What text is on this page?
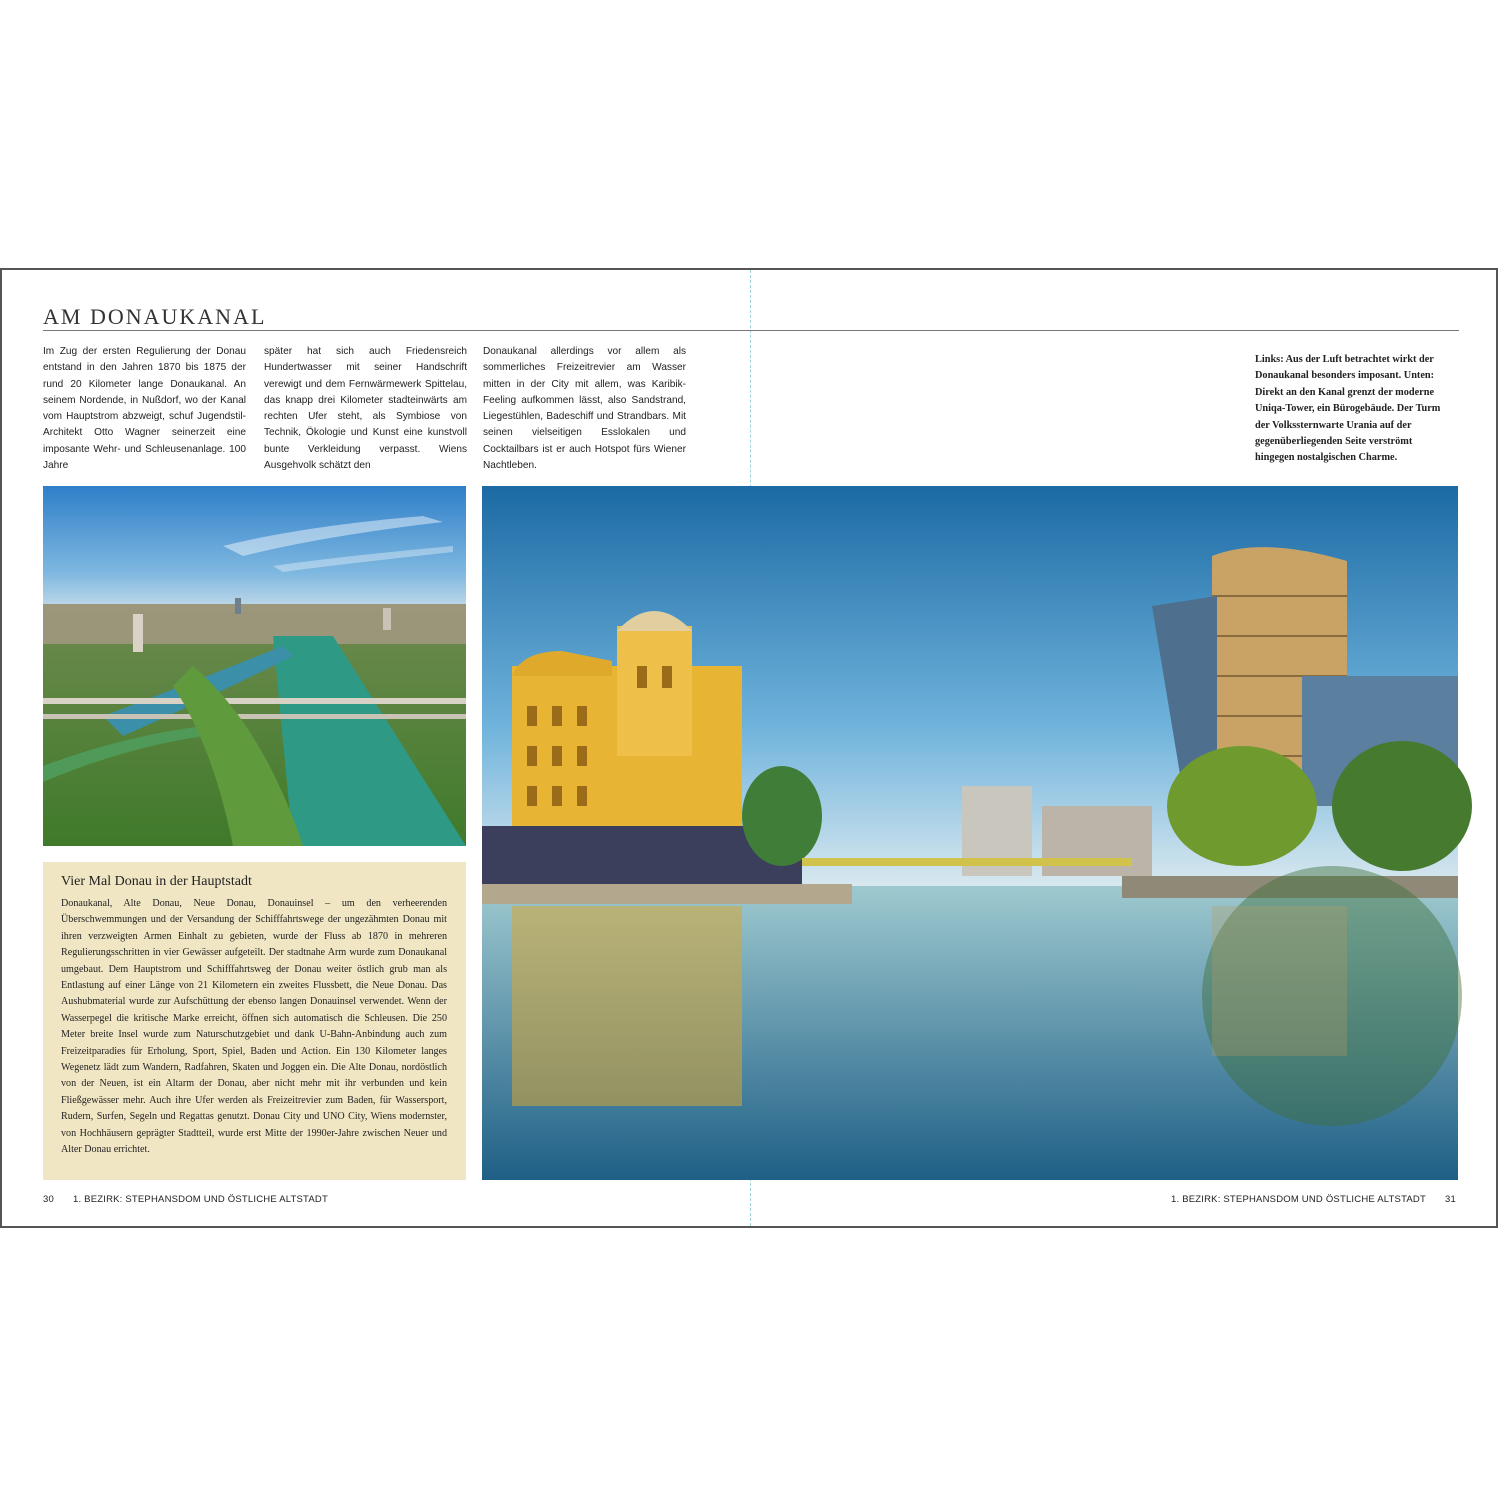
AM DONAUKANAL

Im Zug der ersten Regulierung der Donau entstand in den Jahren 1870 bis 1875 der rund 20 Kilometer lange Donaukanal. An seinem Nordende, in Nußdorf, wo der Kanal vom Hauptstrom abzweigt, schuf Jugendstil-Architekt Otto Wagner seinerzeit eine imposante Wehr- und Schleusenanlage. 100 Jahre

später hat sich auch Friedensreich Hundertwasser mit seiner Handschrift verewigt und dem Fernwärmewerk Spittelau, das knapp drei Kilometer stadteinwärts am rechten Ufer steht, als Symbiose von Technik, Ökologie und Kunst eine kunstvoll bunte Verkleidung verpasst. Wiens Ausgehvolk schätzt den

Donaukanal allerdings vor allem als sommerliches Freizeitrevier am Wasser mitten in der City mit allem, was Karibik-Feeling aufkommen lässt, also Sandstrand, Liegestühlen, Badeschiff und Strandbars. Mit seinen vielseitigen Esslokalen und Cocktailbars ist er auch Hotspot fürs Wiener Nachtleben.

Links: Aus der Luft betrachtet wirkt der Donaukanal besonders imposant. Unten: Direkt an den Kanal grenzt der moderne Uniqa-Tower, ein Bürogebäude. Der Turm der Volkssternwarte Urania auf der gegenüberliegenden Seite verströmt hingegen nostalgischen Charme.

Vier Mal Donau in der Hauptstadt

Donaukanal, Alte Donau, Neue Donau, Donauinsel – um den verheerenden Überschwemmungen und der Versandung der Schifffahrtswege der ungezähmten Donau mit ihren verzweigten Armen Einhalt zu gebieten, wurde der Fluss ab 1870 in mehreren Regulierungsschritten in vier Gewässer aufgeteilt. Der stadtnahe Arm wurde zum Donaukanal umgebaut. Dem Hauptstrom und Schifffahrtsweg der Donau weiter östlich grub man als Entlastung auf einer Länge von 21 Kilometern ein zweites Flussbett, die Neue Donau. Das Aushubmaterial wurde zur Aufschüttung der ebenso langen Donauinsel verwendet. Wenn der Wasserpegel die kritische Marke erreicht, öffnen sich automatisch die Schleusen. Die 250 Meter breite Insel wurde zum Naturschutzgebiet und dank U-Bahn-Anbindung auch zum Freizeitparadies für Erholung, Sport, Spiel, Baden und Action. Ein 130 Kilometer langes Wegenetz lädt zum Wandern, Radfahren, Skaten und Joggen ein. Die Alte Donau, nordöstlich von der Neuen, ist ein Altarm der Donau, aber nicht mehr mit ihr verbunden und kein Fließgewässer mehr. Auch ihre Ufer werden als Freizeitrevier zum Baden, für Wassersport, Rudern, Surfen, Segeln und Regattas genutzt. Donau City und UNO City, Wiens modernster, von Hochhäusern geprägter Stadtteil, wurde erst Mitte der 1990er-Jahre zwischen Neuer und Alter Donau errichtet.

30 1. BEZIRK: STEPHANSDOM UND ÖSTLICHE ALTSTADT	1. BEZIRK: STEPHANSDOM UND ÖSTLICHE ALTSTADT 31
